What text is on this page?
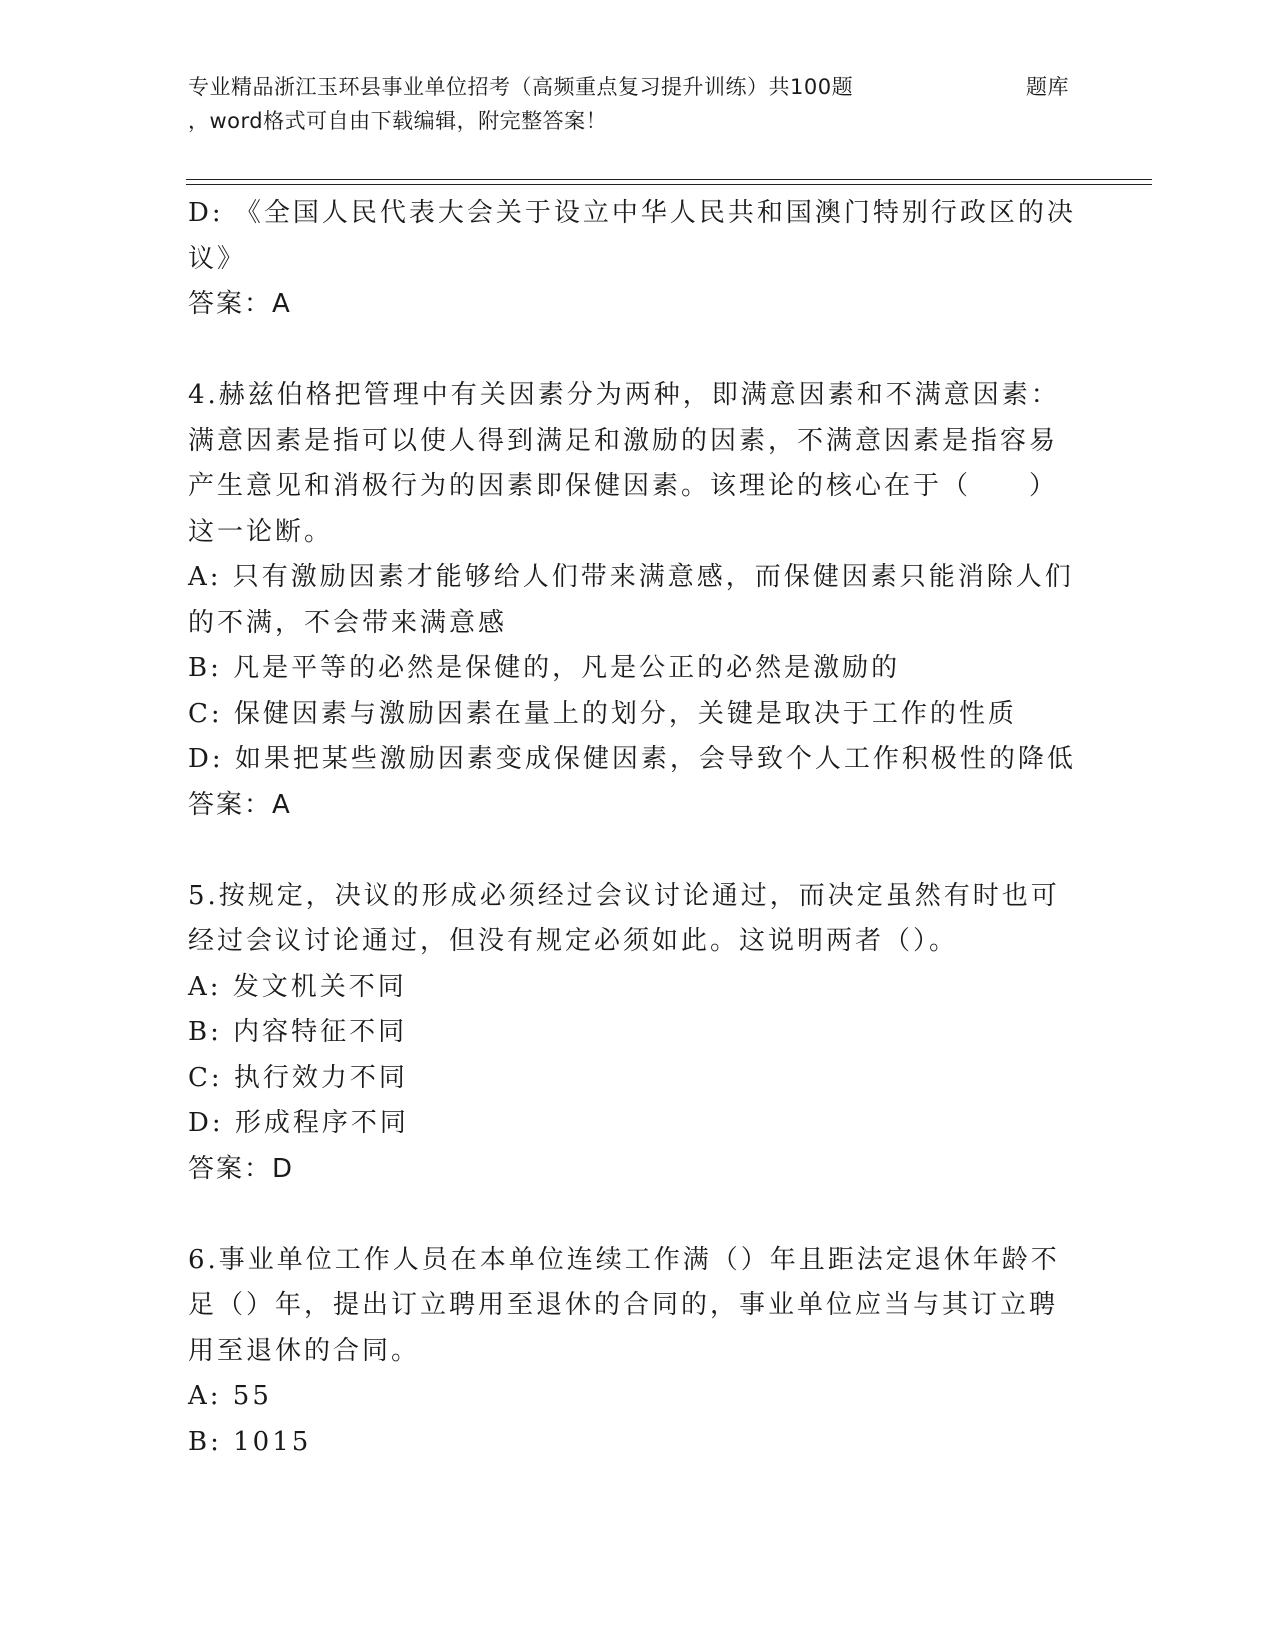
专业精品浙江玉环县事业单位招考（高频重点复习提升训练）共100题	题库
，word格式可自由下载编辑，附完整答案！
D: 《全国人民代表大会关于设立中华人民共和国澳门特别行政区的决
议》
答案：A
4.赫兹伯格把管理中有关因素分为两种，即满意因素和不满意因素：
满意因素是指可以使人得到满足和激励的因素，不满意因素是指容易
产生意见和消极行为的因素即保健因素。该理论的核心在于（　　）
这一论断。
A: 只有激励因素才能够给人们带来满意感，而保健因素只能消除人们
的不满，不会带来满意感
B: 凡是平等的必然是保健的，凡是公正的必然是激励的
C: 保健因素与激励因素在量上的划分，关键是取决于工作的性质
D: 如果把某些激励因素变成保健因素，会导致个人工作积极性的降低
答案：A
5.按规定，决议的形成必须经过会议讨论通过，而决定虽然有时也可
经过会议讨论通过，但没有规定必须如此。这说明两者（）。
A: 发文机关不同
B: 内容特征不同
C: 执行效力不同
D: 形成程序不同
答案：D
6.事业单位工作人员在本单位连续工作满（）年且距法定退休年龄不
足（）年，提出订立聘用至退休的合同的，事业单位应当与其订立聘
用至退休的合同。
A: 55
B: 1015
